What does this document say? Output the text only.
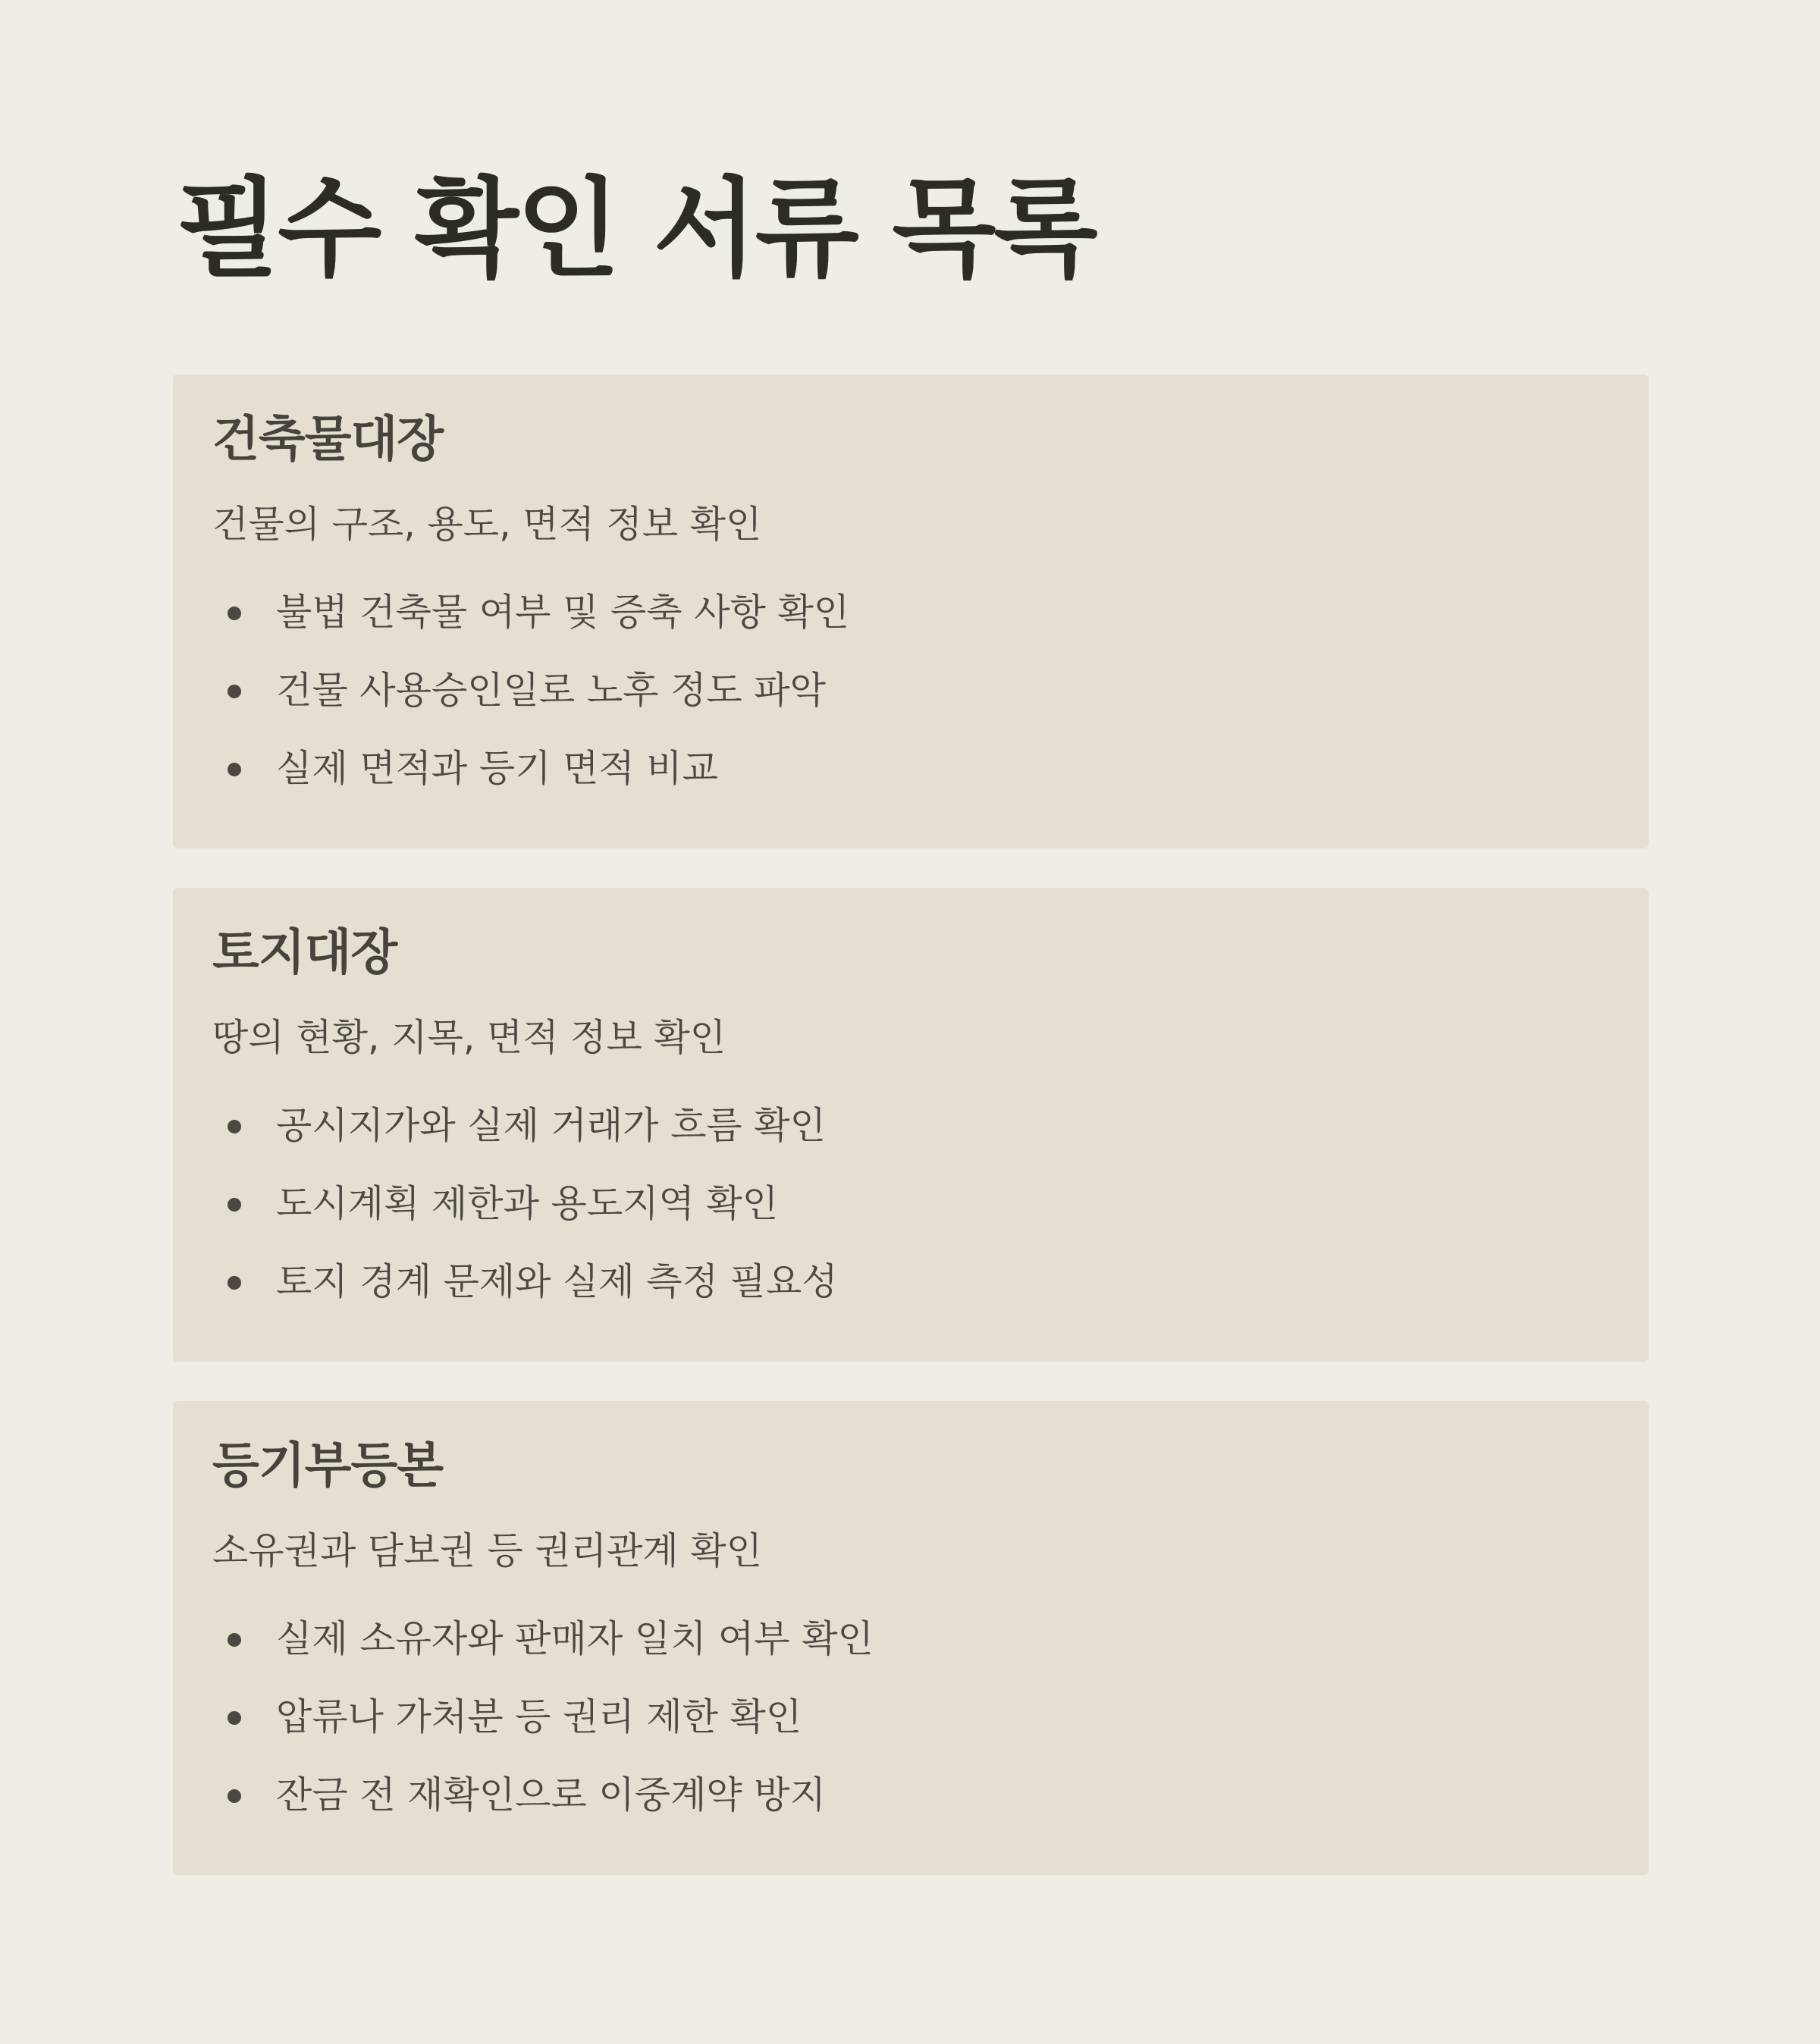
필수 확인 서류 목록
건축물대장

건물의 구조, 용도, 면적 정보 확인

불법 건축물 여부 및 증축 사항 확인
건물 사용승인일로 노후 정도 파악
실제 면적과 등기 면적 비교
토지대장

땅의 현황, 지목, 면적 정보 확인

공시지가와 실제 거래가 흐름 확인
도시계획 제한과 용도지역 확인
토지 경계 문제와 실제 측정 필요성
등기부등본

소유권과 담보권 등 권리관계 확인

실제 소유자와 판매자 일치 여부 확인
압류나 가처분 등 권리 제한 확인
잔금 전 재확인으로 이중계약 방지
